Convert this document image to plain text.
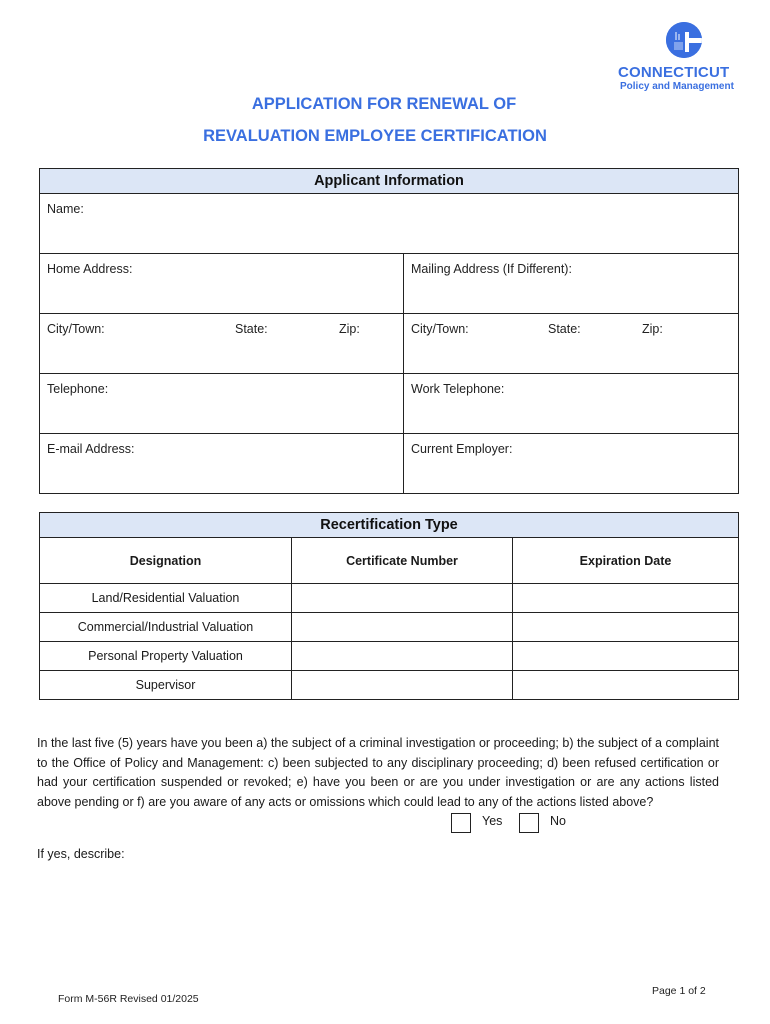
CONNECTICUT
Policy and Management
APPLICATION FOR RENEWAL OF
REVALUATION EMPLOYEE CERTIFICATION
Applicant Information	
Name:	
Home Address:	Mailing Address (If Different):

City/Town: State: Zip:	City/Town: State: Zip:

Telephone:	Work Telephone:
E-mail Address:	Current Employer:
Recertification Type		
Designation	Certificate Number	Expiration Date
Land/Residential Valuation		
Commercial/Industrial Valuation		
Personal Property Valuation		
Supervisor		
In the last five (5) years have you been a) the subject of a criminal investigation or proceeding; b) the subject of a complaint to the Office of Policy and Management: c) been subjected to any disciplinary proceeding; d) been refused certification or had your certification suspended or revoked; e) have you been or are you under investigation or are any actions listed above pending or f) are you aware of any acts or omissions which could lead to any of the actions listed above?
Yes	No
If yes, describe:
Form M-56R Revised 01/2025
Page 1 of 2
